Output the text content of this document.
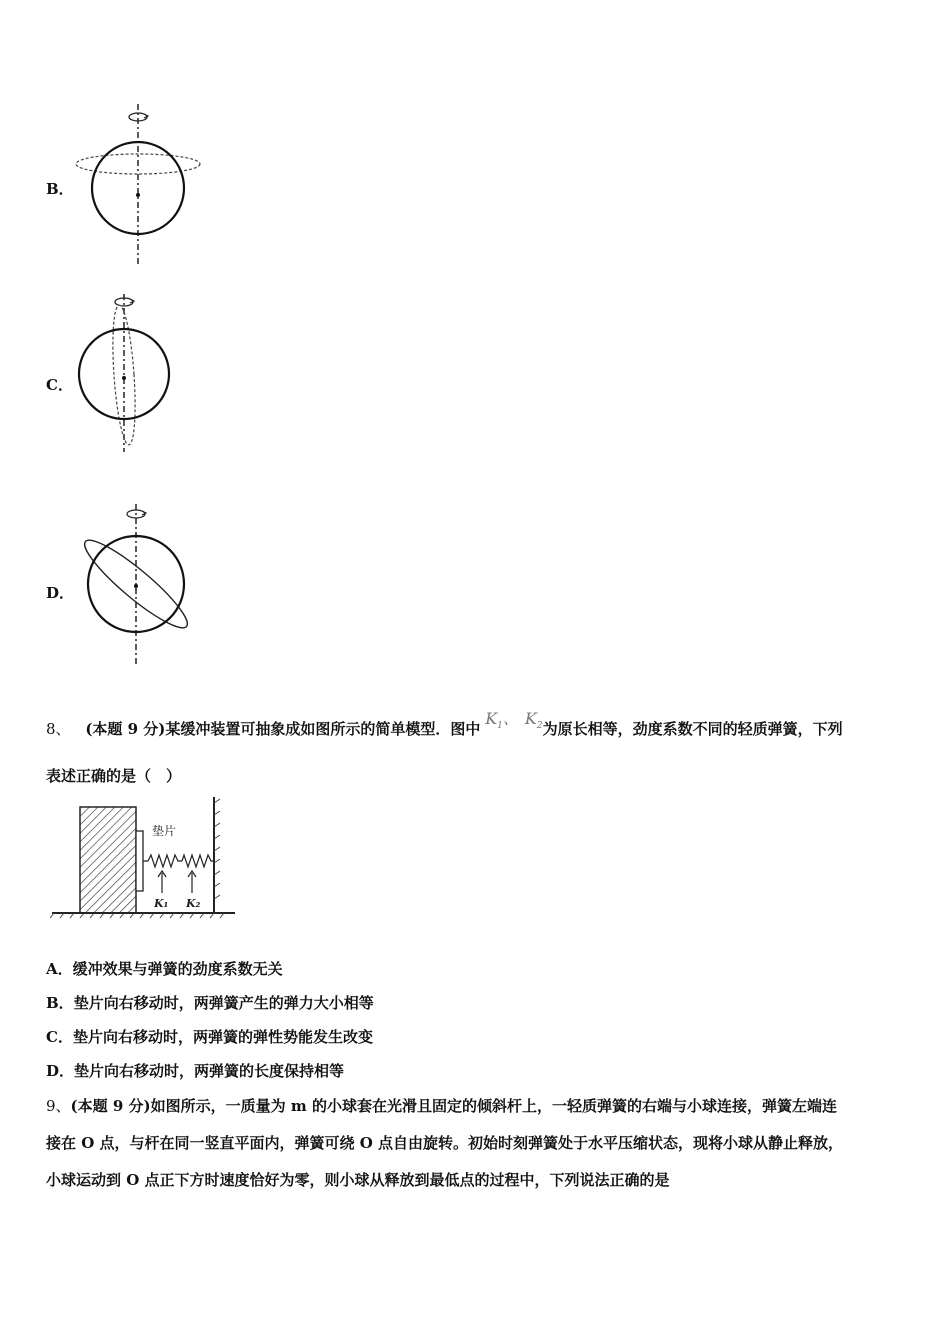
B．
C．
D．
8、 (本题 9 分)某缓冲装置可抽象成如图所示的简单模型．图中 $K_1$、 $K_2$为原长相等，劲度系数不同的轻质弹簧，下列
表述正确的是（　）
垫片
K₁ K₂
A．缓冲效果与弹簧的劲度系数无关
B．垫片向右移动时，两弹簧产生的弹力大小相等
C．垫片向右移动时，两弹簧的弹性势能发生改变
D．垫片向右移动时，两弹簧的长度保持相等
9、(本题 9 分)如图所示，一质量为 m 的小球套在光滑且固定的倾斜杆上，一轻质弹簧的右端与小球连接，弹簧左端连
接在 O 点，与杆在同一竖直平面内，弹簧可绕 O 点自由旋转。初始时刻弹簧处于水平压缩状态，现将小球从静止释放，
小球运动到 O 点正下方时速度恰好为零，则小球从释放到最低点的过程中，下列说法正确的是
